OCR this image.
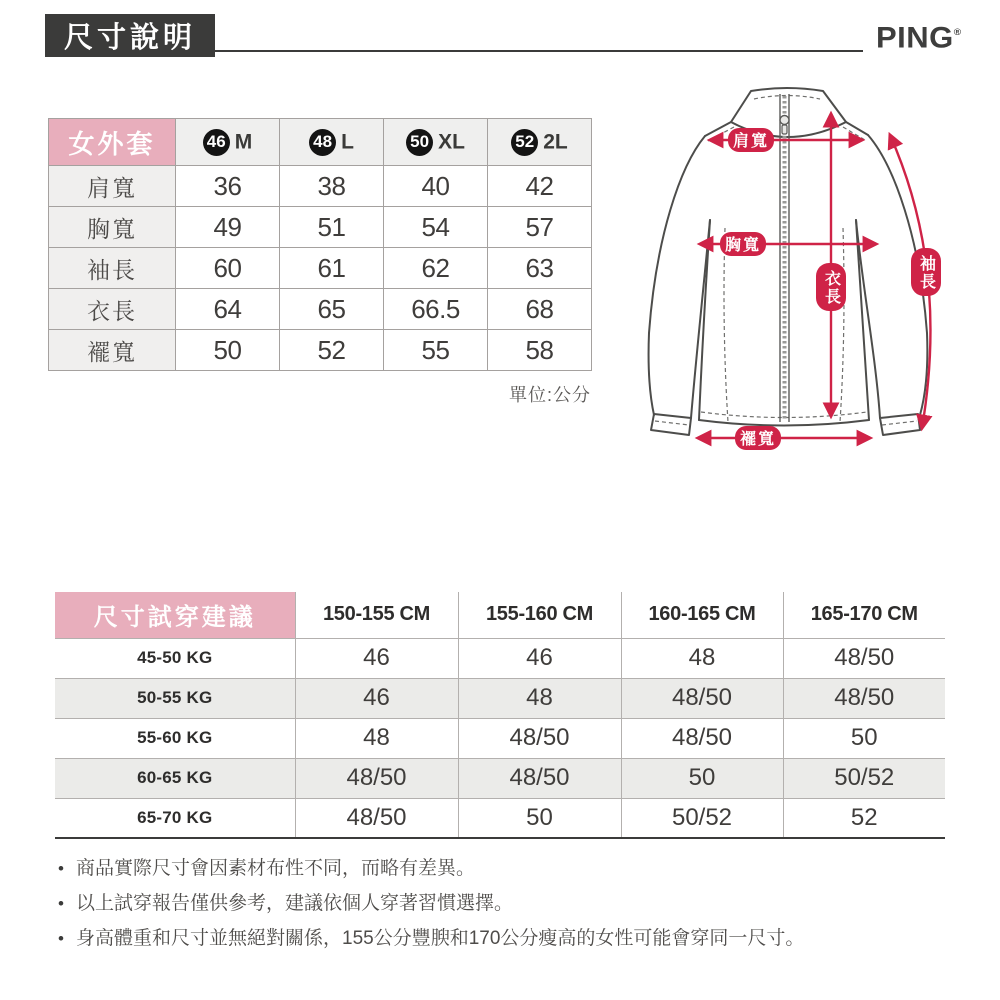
尺寸說明	PING®
女外套	46 M	48 L	50 XL	52 2L
肩寬	36	38	40	42
胸寬	49	51	54	57
袖長	60	61	62	63
衣長	64	65	66.5	68
襬寬	50	52	55	58
單位:公分
肩寬
胸寬
衣長	袖長
襬寬
尺寸試穿建議	150-155 CM	155-160 CM	160-165 CM	165-170 CM
45-50 KG	46	46	48	48/50
50-55 KG	46	48	48/50	48/50
55-60 KG	48	48/50	48/50	50
60-65 KG	48/50	48/50	50	50/52
65-70 KG	48/50	50	50/52	52
• 商品實際尺寸會因素材布性不同，而略有差異。
• 以上試穿報告僅供參考，建議依個人穿著習慣選擇。
• 身高體重和尺寸並無絕對關係，155公分豐腴和170公分瘦高的女性可能會穿同一尺寸。
